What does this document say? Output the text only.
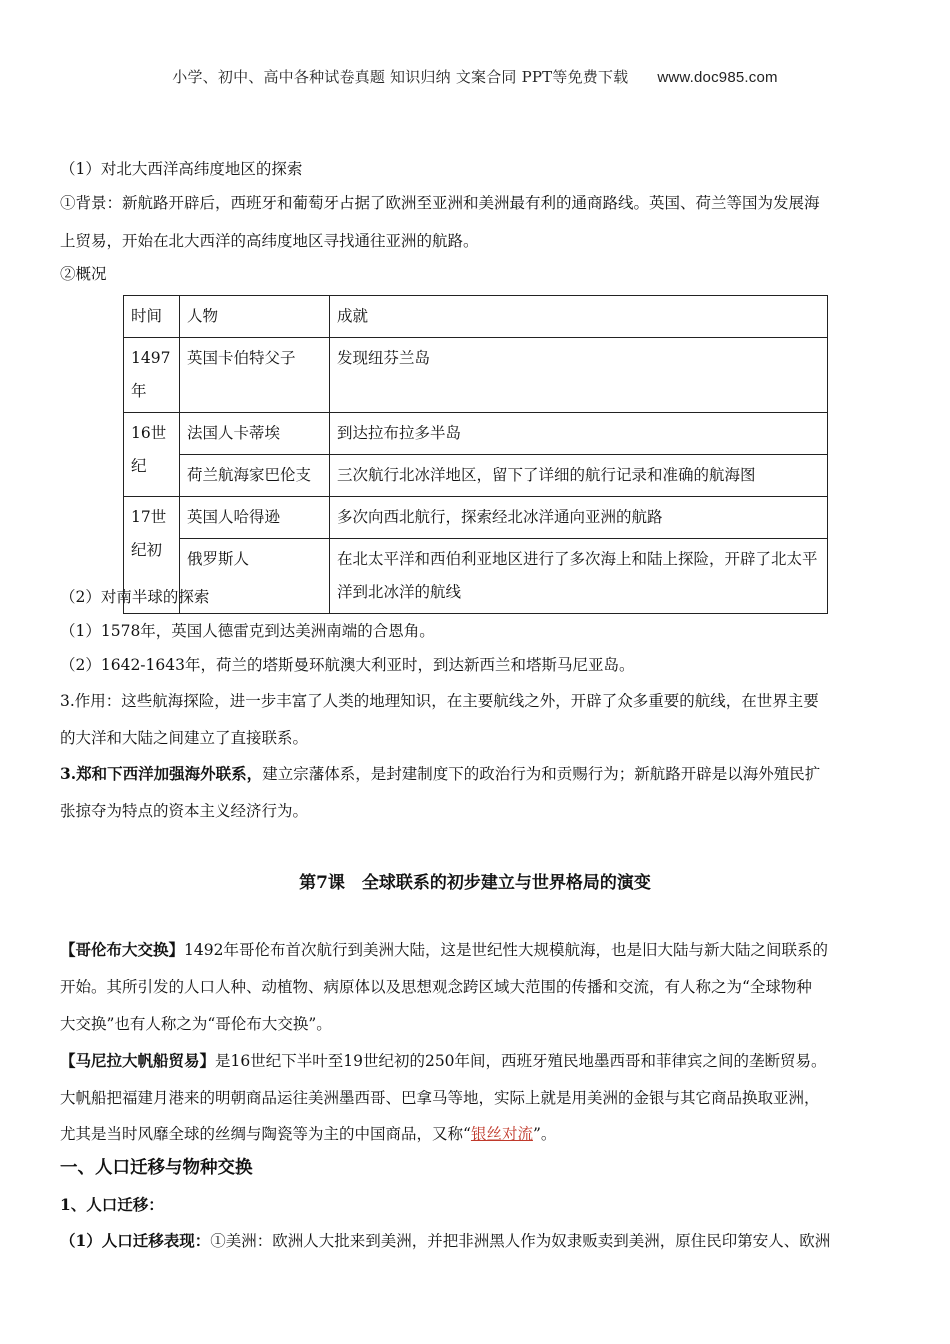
小学、初中、高中各种试卷真题 知识归纳 文案合同 PPT等免费下载 www.doc985.com
（1）对北大西洋高纬度地区的探索
①背景：新航路开辟后，西班牙和葡萄牙占据了欧洲至亚洲和美洲最有利的通商路线。英国、荷兰等国为发展海
上贸易，开始在北大西洋的高纬度地区寻找通往亚洲的航路。
②概况
时间	人物	成就
1497年	英国卡伯特父子	发现纽芬兰岛
16世纪	法国人卡蒂埃	到达拉布拉多半岛
	荷兰航海家巴伦支	三次航行北冰洋地区，留下了详细的航行记录和准确的航海图
17世纪初	英国人哈得逊	多次向西北航行，探索经北冰洋通向亚洲的航路
	俄罗斯人	在北太平洋和西伯利亚地区进行了多次海上和陆上探险，开辟了北太平洋到北冰洋的航线
（2）对南半球的探索
（1）1578年，英国人德雷克到达美洲南端的合恩角。
（2）1642-1643年，荷兰的塔斯曼环航澳大利亚时，到达新西兰和塔斯马尼亚岛。
3.作用：这些航海探险，进一步丰富了人类的地理知识，在主要航线之外，开辟了众多重要的航线，在世界主要
的大洋和大陆之间建立了直接联系。
3.郑和下西洋加强海外联系，建立宗藩体系，是封建制度下的政治行为和贡赐行为；新航路开辟是以海外殖民扩
张掠夺为特点的资本主义经济行为。
第7课　全球联系的初步建立与世界格局的演变
【哥伦布大交换】1492年哥伦布首次航行到美洲大陆，这是世纪性大规模航海，也是旧大陆与新大陆之间联系的
开始。其所引发的人口人种、动植物、病原体以及思想观念跨区域大范围的传播和交流，有人称之为“全球物种
大交换”也有人称之为“哥伦布大交换”。
【马尼拉大帆船贸易】是16世纪下半叶至19世纪初的250年间，西班牙殖民地墨西哥和菲律宾之间的垄断贸易。
大帆船把福建月港来的明朝商品运往美洲墨西哥、巴拿马等地，实际上就是用美洲的金银与其它商品换取亚洲，
尤其是当时风靡全球的丝绸与陶瓷等为主的中国商品，又称“银丝对流”。
一、人口迁移与物种交换
1、人口迁移：
（1）人口迁移表现：①美洲：欧洲人大批来到美洲，并把非洲黑人作为奴隶贩卖到美洲，原住民印第安人、欧洲
